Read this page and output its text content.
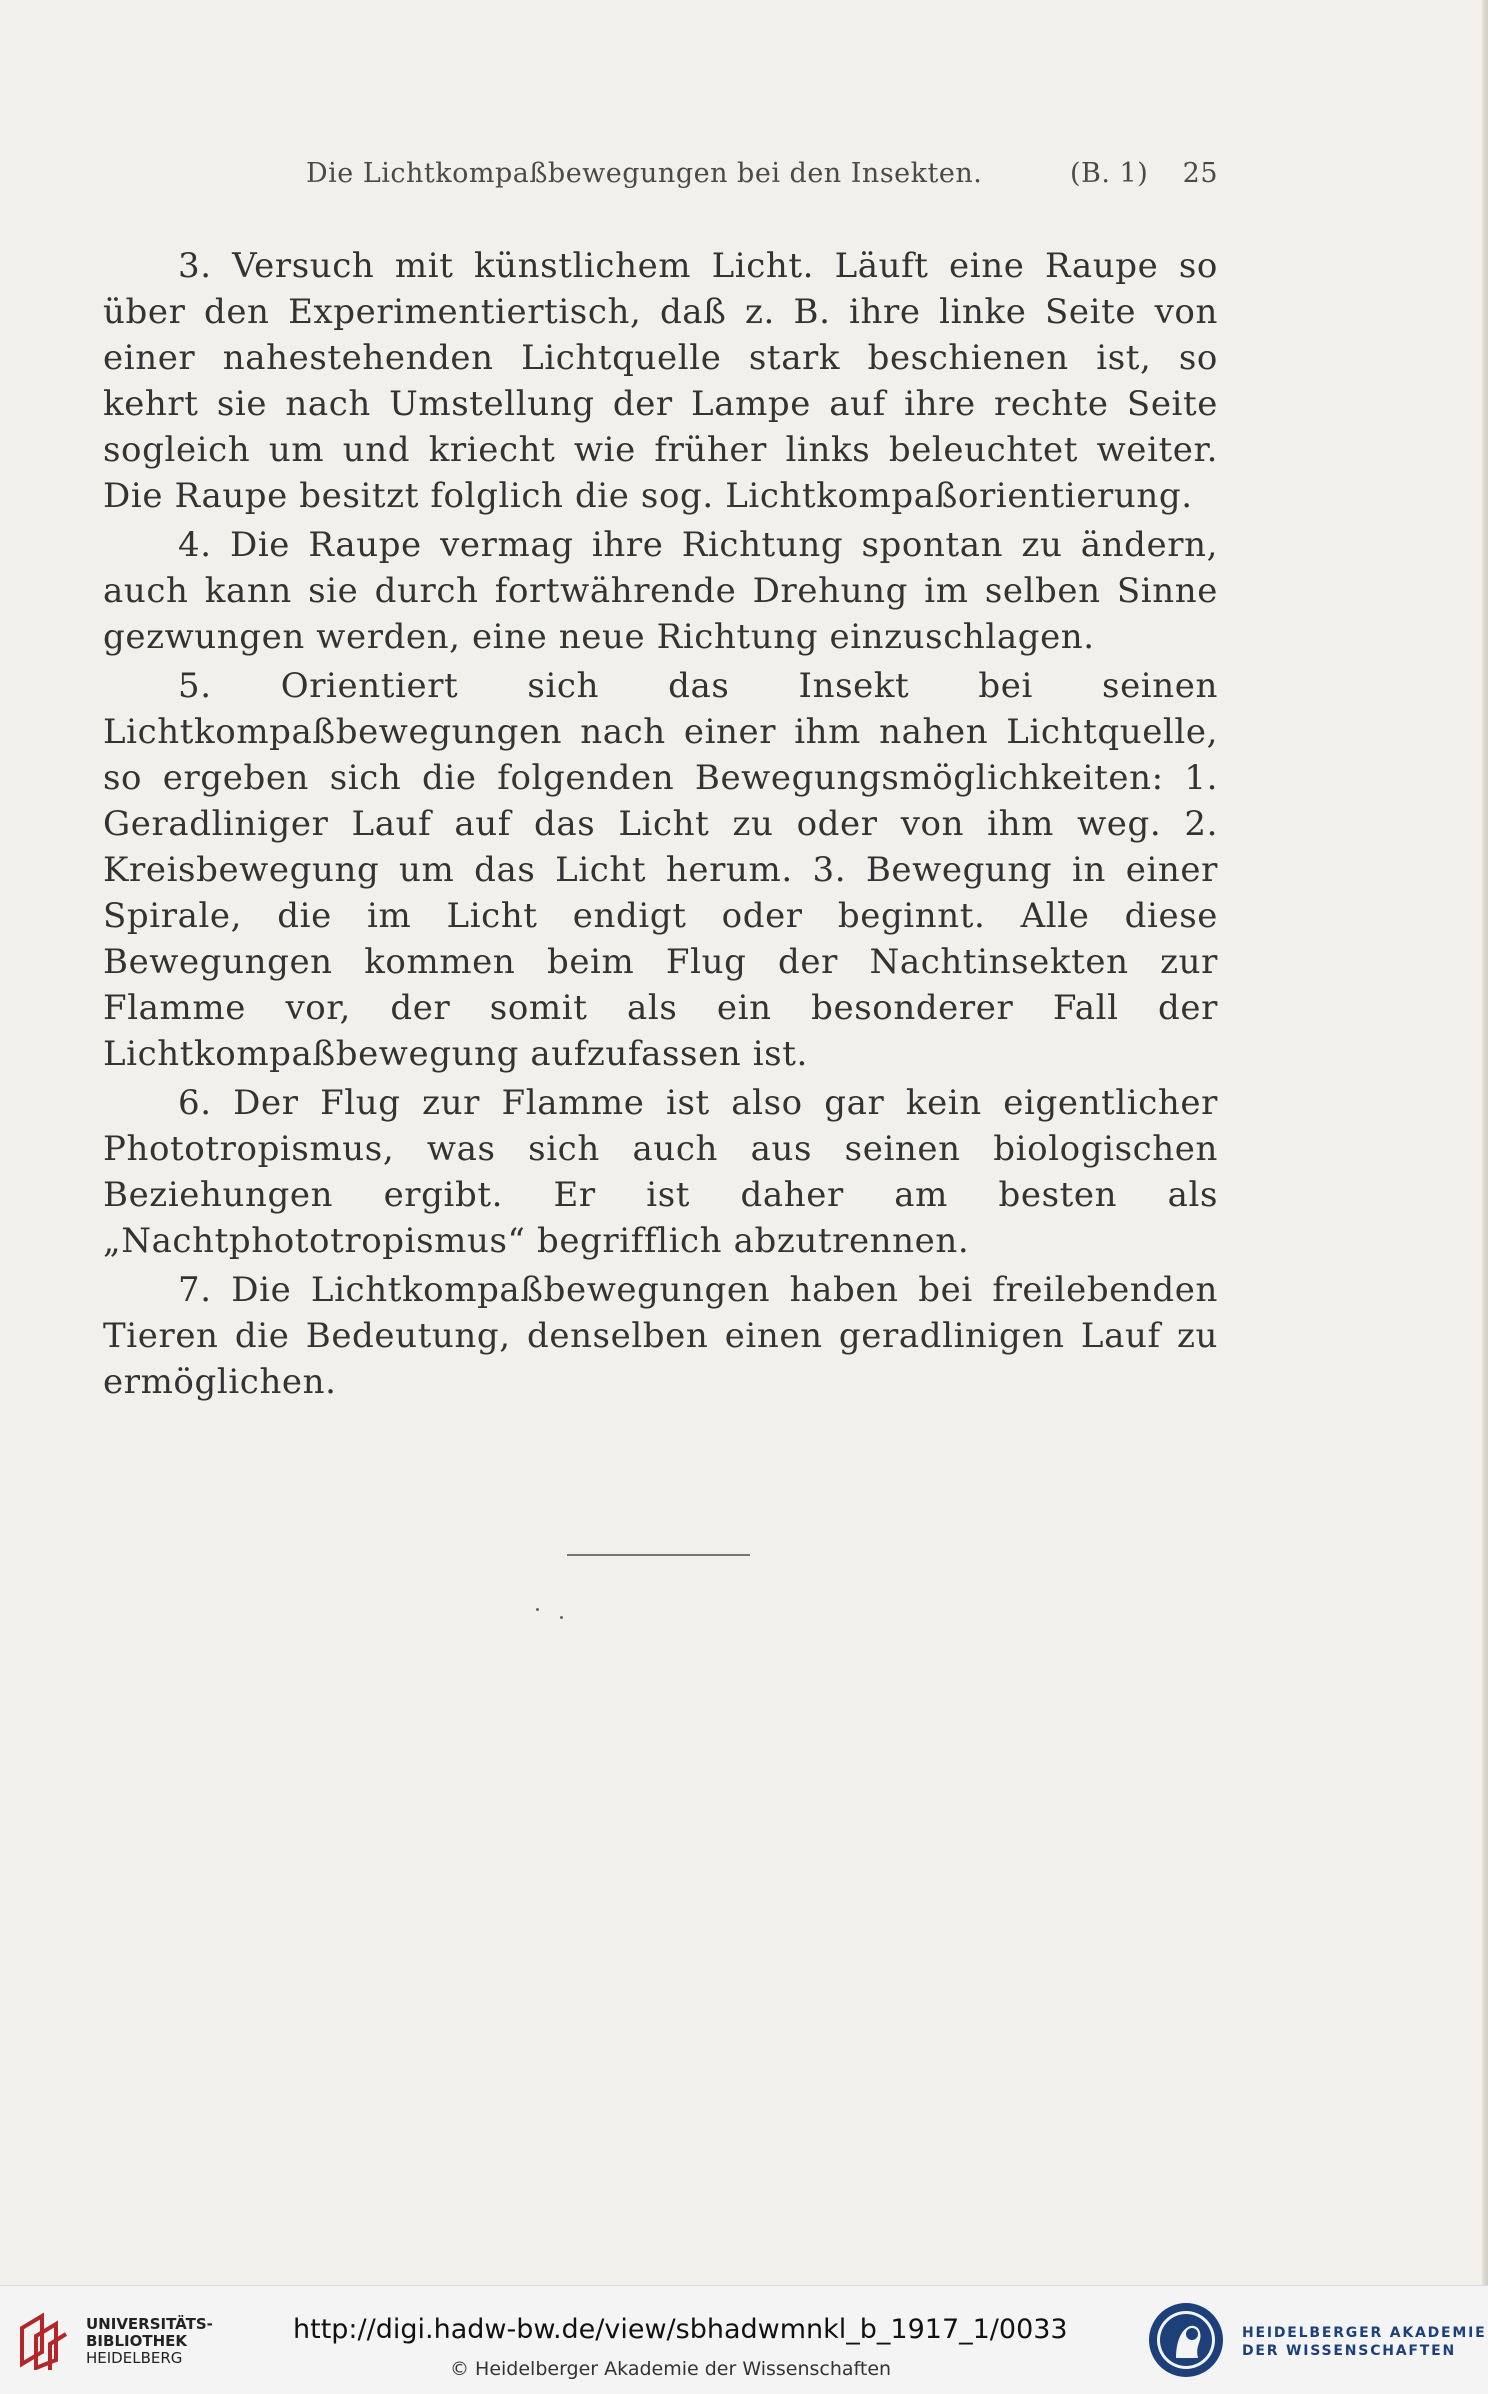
Die Lichtkompaßbewegungen bei den Insekten.	(B. 1) 25

3. Versuch mit künstlichem Licht. Läuft eine Raupe so über den Experimentiertisch, daß z. B. ihre linke Seite von einer nahestehenden Lichtquelle stark beschienen ist, so kehrt sie nach Umstellung der Lampe auf ihre rechte Seite sogleich um und kriecht wie früher links beleuchtet weiter. Die Raupe besitzt folglich die sog. Lichtkompaßorientierung.

4. Die Raupe vermag ihre Richtung spontan zu ändern, auch kann sie durch fortwährende Drehung im selben Sinne gezwungen werden, eine neue Richtung einzuschlagen.

5. Orientiert sich das Insekt bei seinen Lichtkompaßbewegungen nach einer ihm nahen Lichtquelle, so ergeben sich die folgenden Bewegungsmöglichkeiten: 1. Geradliniger Lauf auf das Licht zu oder von ihm weg. 2. Kreisbewegung um das Licht herum. 3. Bewegung in einer Spirale, die im Licht endigt oder beginnt. Alle diese Bewegungen kommen beim Flug der Nachtinsekten zur Flamme vor, der somit als ein besonderer Fall der Lichtkompaßbewegung aufzufassen ist.

6. Der Flug zur Flamme ist also gar kein eigentlicher Phototropismus, was sich auch aus seinen biologischen Beziehungen ergibt. Er ist daher am besten als „Nachtphototropismus“ begrifflich abzutrennen.

7. Die Lichtkompaßbewegungen haben bei freilebenden Tieren die Bedeutung, denselben einen geradlinigen Lauf zu ermöglichen.

UNIVERSITÄTS-
BIBLIOTHEK
HEIDELBERG
http://digi.hadw-bw.de/view/sbhadwmnkl_b_1917_1/0033
© Heidelberger Akademie der Wissenschaften
HEIDELBERGER AKADEMIE
DER WISSENSCHAFTEN
